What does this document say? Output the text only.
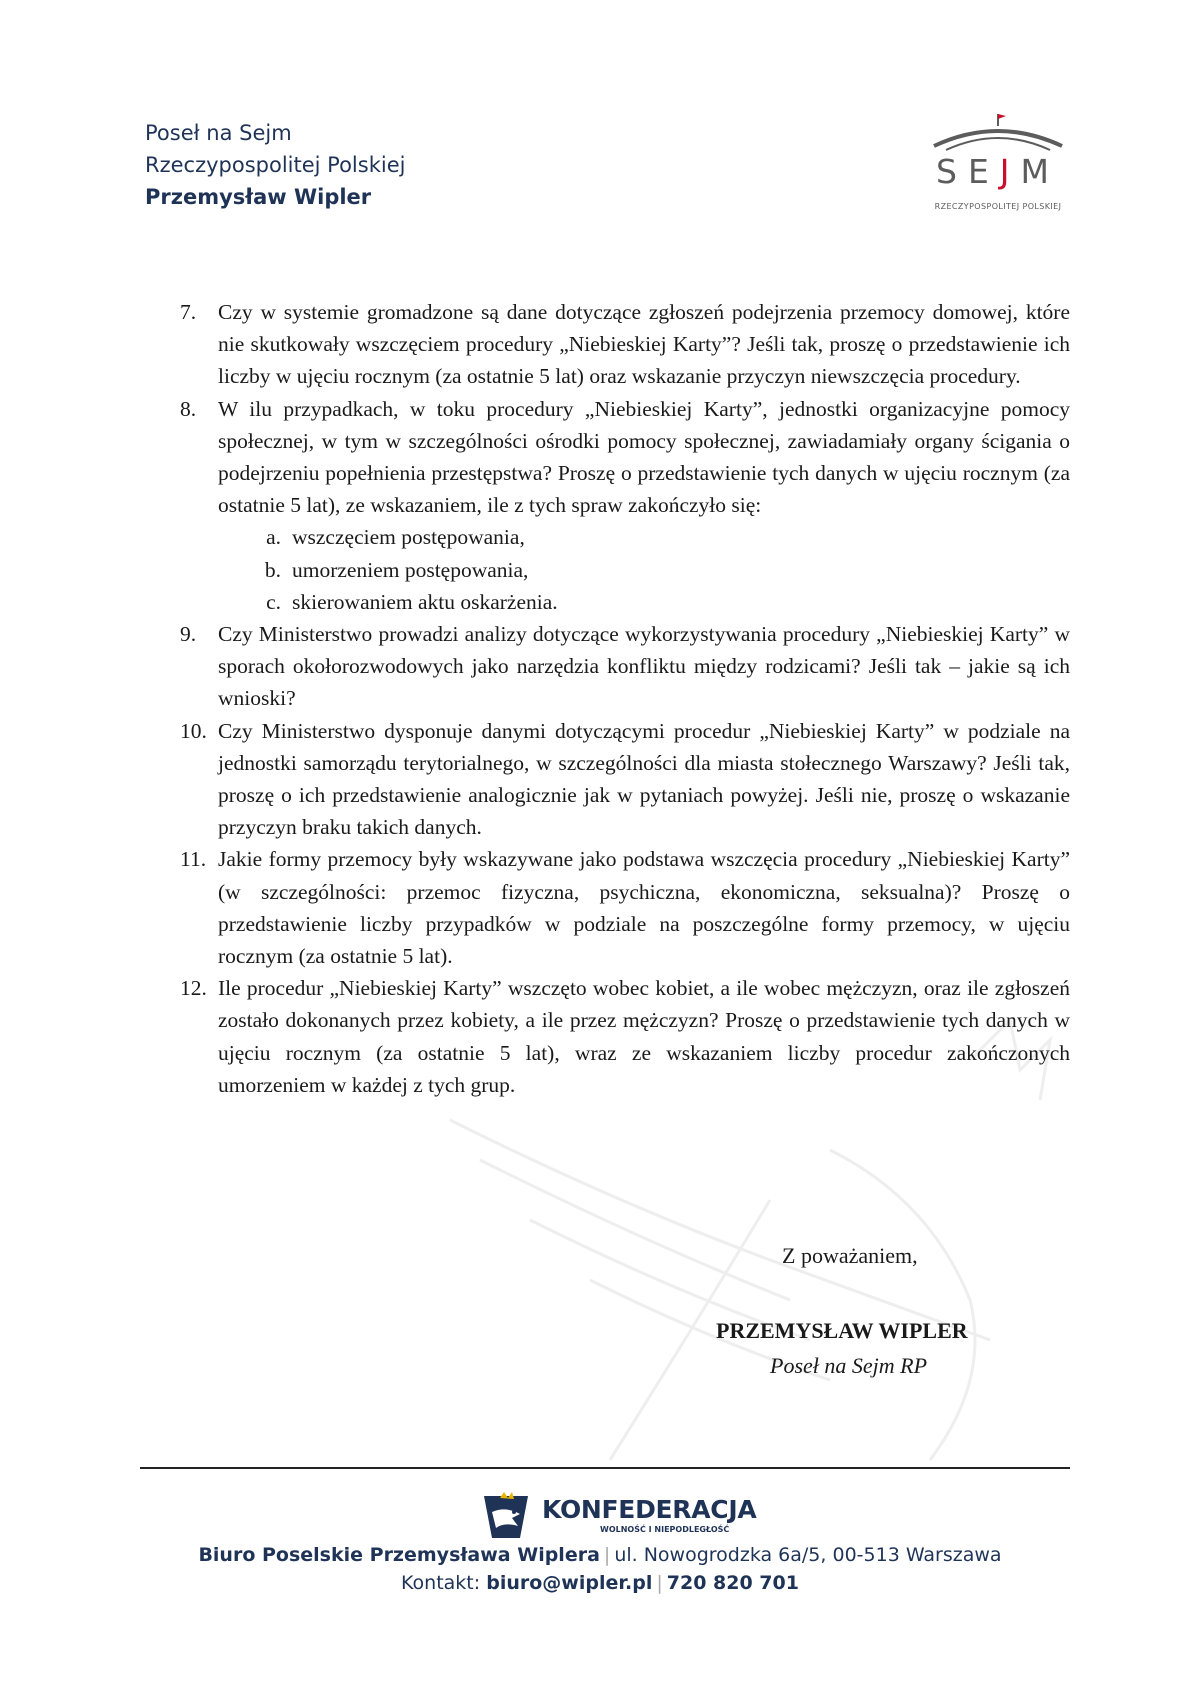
Poseł na Sejm
Rzeczypospolitej Polskiej
Przemysław Wipler
SEJM
RZECZYPOSPOLITEJ POLSKIEJ
7. Czy w systemie gromadzone są dane dotyczące zgłoszeń podejrzenia przemocy domowej, które nie skutkowały wszczęciem procedury „Niebieskiej Karty”? Jeśli tak, proszę o przedstawienie ich liczby w ujęciu rocznym (za ostatnie 5 lat) oraz wskazanie przyczyn niewszczęcia procedury.
8. W ilu przypadkach, w toku procedury „Niebieskiej Karty”, jednostki organizacyjne pomocy społecznej, w tym w szczególności ośrodki pomocy społecznej, zawiadamiały organy ścigania o podejrzeniu popełnienia przestępstwa? Proszę o przedstawienie tych danych w ujęciu rocznym (za ostatnie 5 lat), ze wskazaniem, ile z tych spraw zakończyło się:
a. wszczęciem postępowania,
b. umorzeniem postępowania,
c. skierowaniem aktu oskarżenia.
9. Czy Ministerstwo prowadzi analizy dotyczące wykorzystywania procedury „Niebieskiej Karty” w sporach okołorozwodowych jako narzędzia konfliktu między rodzicami? Jeśli tak – jakie są ich wnioski?
10. Czy Ministerstwo dysponuje danymi dotyczącymi procedur „Niebieskiej Karty” w podziale na jednostki samorządu terytorialnego, w szczególności dla miasta stołecznego Warszawy? Jeśli tak, proszę o ich przedstawienie analogicznie jak w pytaniach powyżej. Jeśli nie, proszę o wskazanie przyczyn braku takich danych.
11. Jakie formy przemocy były wskazywane jako podstawa wszczęcia procedury „Niebieskiej Karty” (w szczególności: przemoc fizyczna, psychiczna, ekonomiczna, seksualna)? Proszę o przedstawienie liczby przypadków w podziale na poszczególne formy przemocy, w ujęciu rocznym (za ostatnie 5 lat).
12. Ile procedur „Niebieskiej Karty” wszczęto wobec kobiet, a ile wobec mężczyzn, oraz ile zgłoszeń zostało dokonanych przez kobiety, a ile przez mężczyzn? Proszę o przedstawienie tych danych w ujęciu rocznym (za ostatnie 5 lat), wraz ze wskazaniem liczby procedur zakończonych umorzeniem w każdej z tych grup.
Z poważaniem,
PRZEMYSŁAW WIPLER
Poseł na Sejm RP
KONFEDERACJA
WOLNOŚĆ I NIEPODLEGŁOŚĆ
Biuro Poselskie Przemysława Wiplera | ul. Nowogrodzka 6a/5, 00-513 Warszawa
Kontakt: biuro@wipler.pl | 720 820 701
